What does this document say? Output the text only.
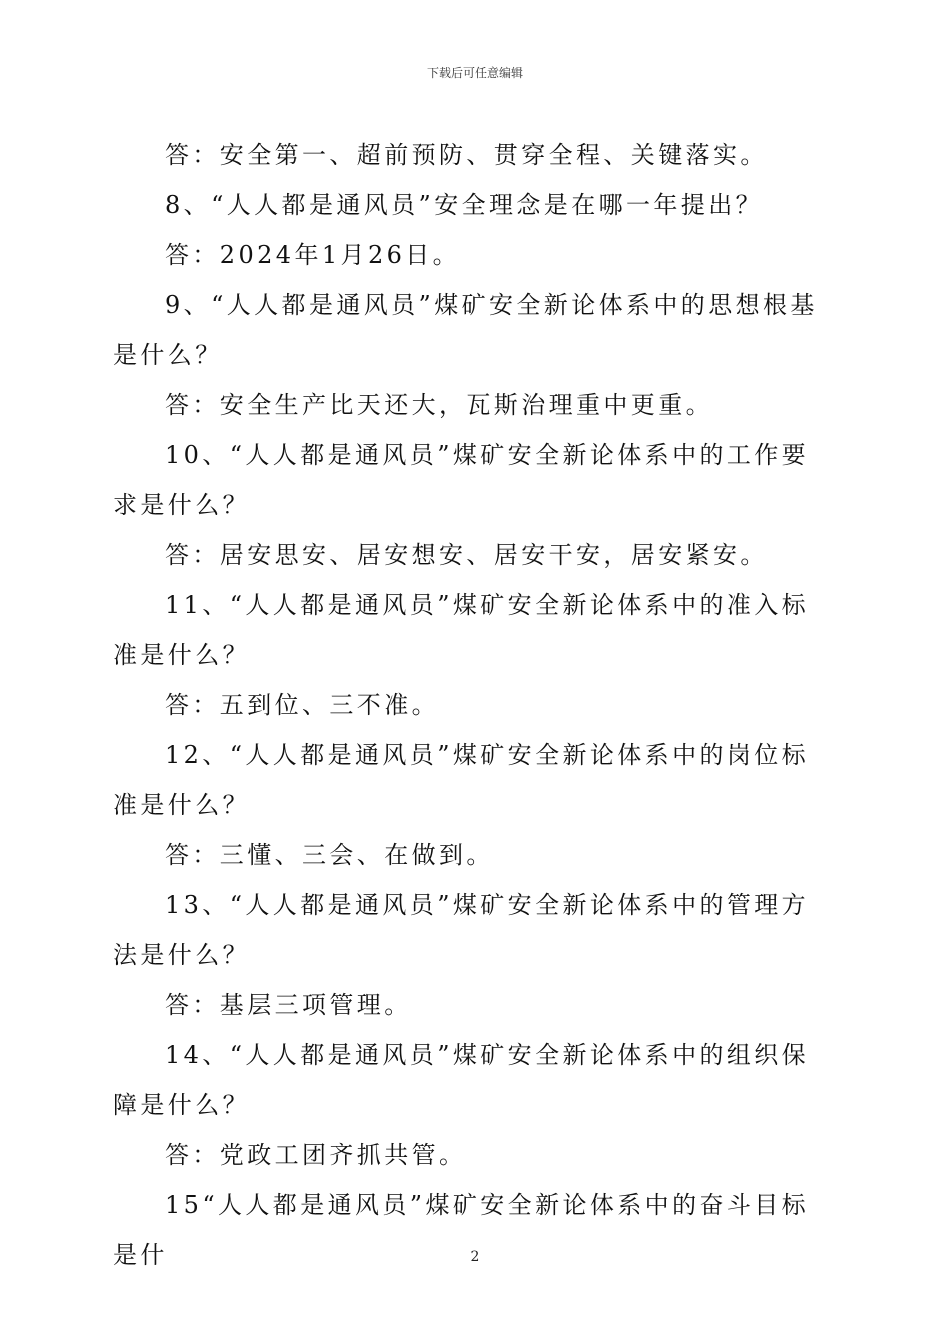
下载后可任意编辑

答：安全第一、超前预防、贯穿全程、关键落实。

8、“人人都是通风员”安全理念是在哪一年提出？

答：2024年1月26日。

9、“人人都是通风员”煤矿安全新论体系中的思想根基是什么？

答：安全生产比天还大，瓦斯治理重中更重。

10、“人人都是通风员”煤矿安全新论体系中的工作要求是什么？

答：居安思安、居安想安、居安干安，居安紧安。

11、“人人都是通风员”煤矿安全新论体系中的准入标准是什么？

答：五到位、三不准。

12、“人人都是通风员”煤矿安全新论体系中的岗位标准是什么？

答：三懂、三会、在做到。

13、“人人都是通风员”煤矿安全新论体系中的管理方法是什么？

答：基层三项管理。

14、“人人都是通风员”煤矿安全新论体系中的组织保障是什么？

答：党政工团齐抓共管。

15“人人都是通风员”煤矿安全新论体系中的奋斗目标是什	2
